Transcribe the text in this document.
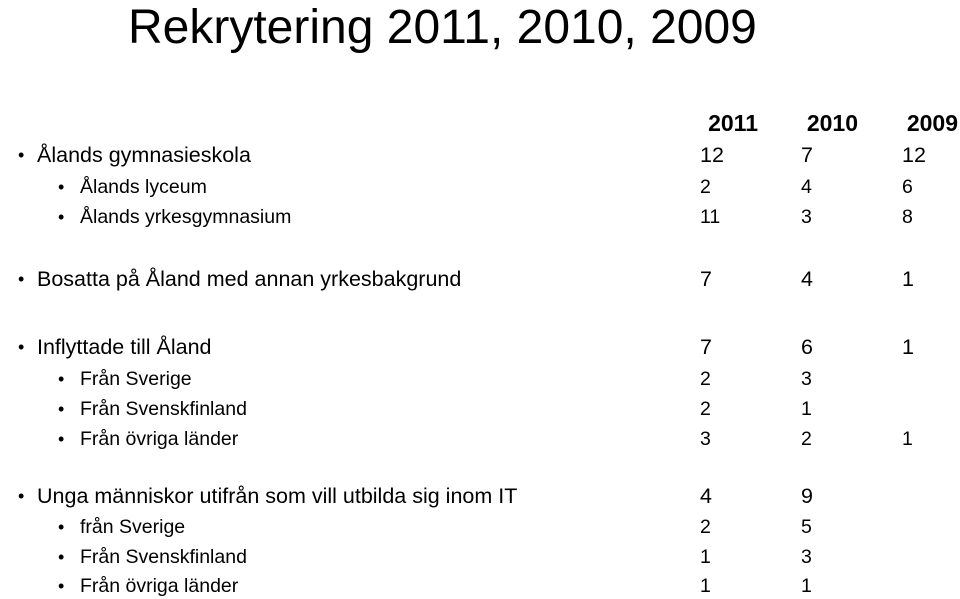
Rekrytering 2011, 2010, 2009
2011	2010	2009
• Ålands gymnasieskola	12	7	12
• Ålands lyceum	2	4	6
• Ålands yrkesgymnasium	11	3	8
• Bosatta på Åland med annan yrkesbakgrund	7	4	1
• Inflyttade till Åland	7	6	1
• Från Sverige	2	3
• Från Svenskfinland	2	1
• Från övriga länder	3	2	1
• Unga människor utifrån som vill utbilda sig inom IT	4	9
• från Sverige	2	5
• Från Svenskfinland	1	3
• Från övriga länder	1	1
